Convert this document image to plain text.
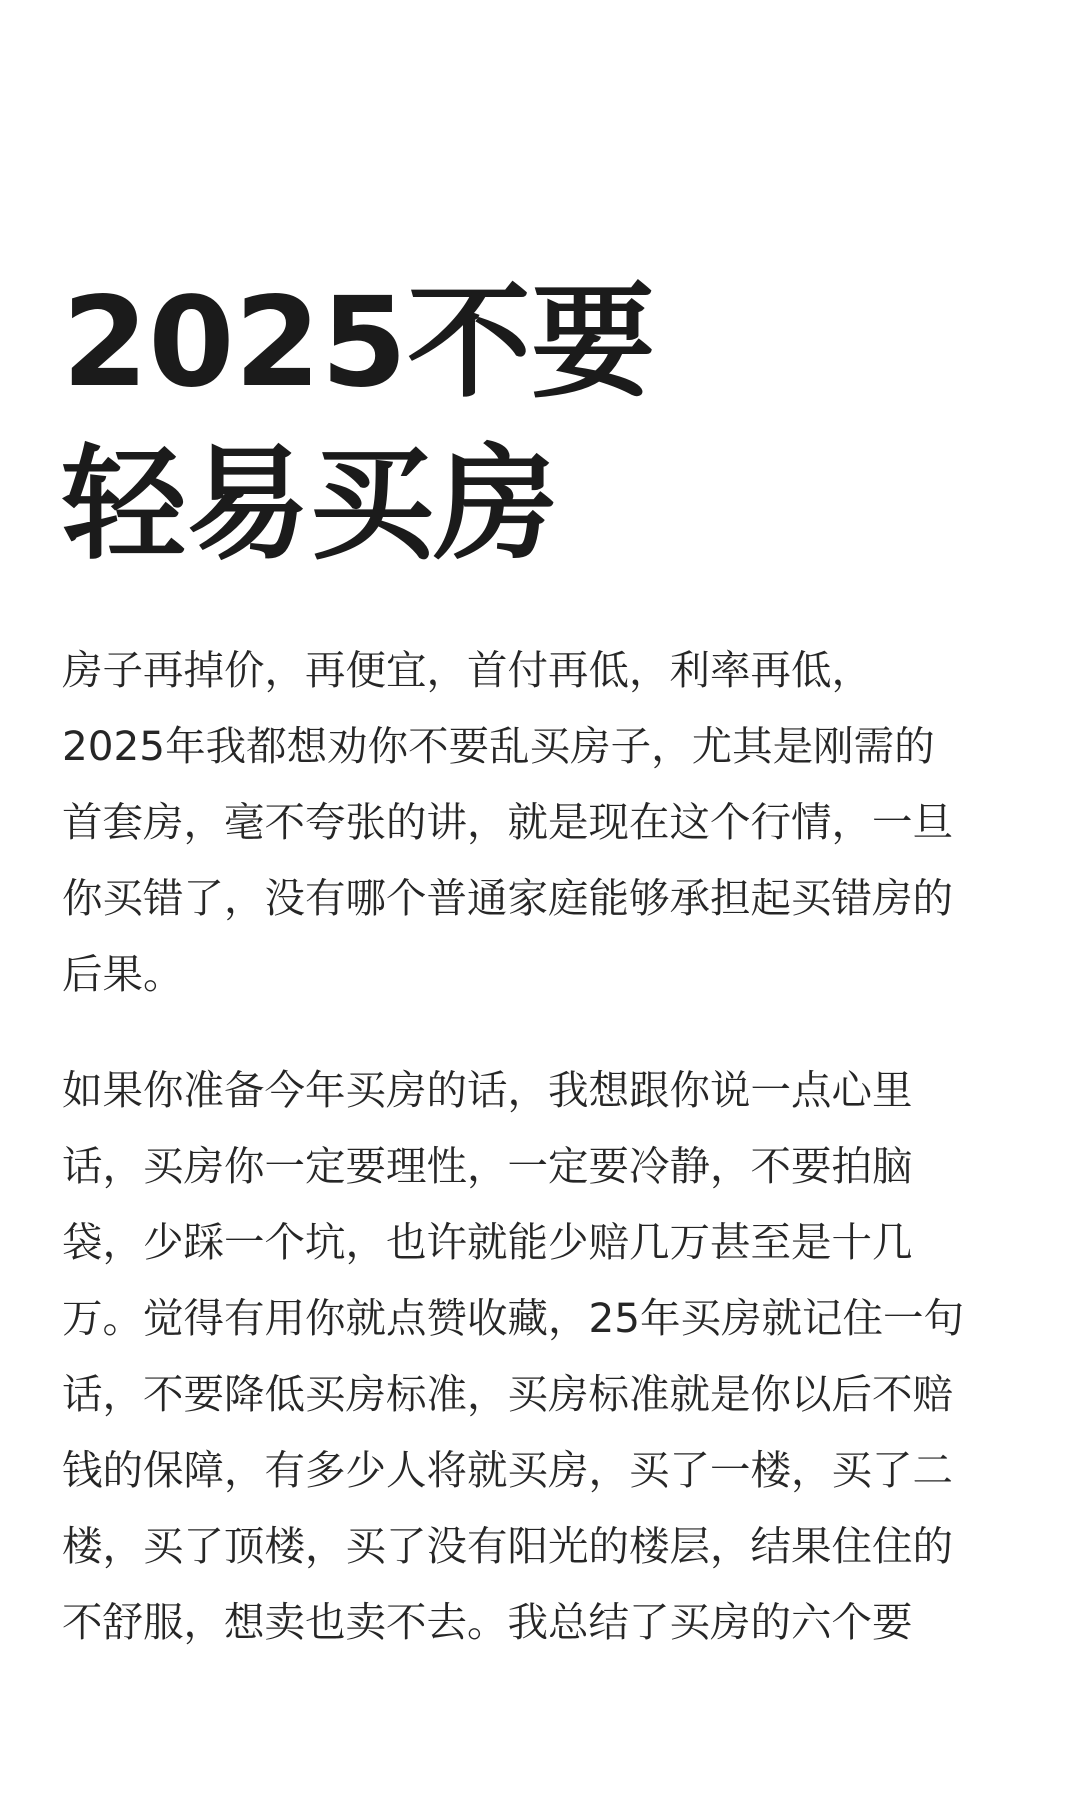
2025不要
轻易买房
房子再掉价，再便宜，首付再低，利率再低，
2025年我都想劝你不要乱买房子，尤其是刚需的
首套房，毫不夸张的讲，就是现在这个行情，一旦
你买错了，没有哪个普通家庭能够承担起买错房的
后果。
如果你准备今年买房的话，我想跟你说一点心里
话，买房你一定要理性，一定要冷静，不要拍脑
袋，少踩一个坑，也许就能少赔几万甚至是十几
万。觉得有用你就点赞收藏，25年买房就记住一句
话，不要降低买房标准，买房标准就是你以后不赔
钱的保障，有多少人将就买房，买了一楼，买了二
楼，买了顶楼，买了没有阳光的楼层，结果住住的
不舒服，想卖也卖不去。我总结了买房的六个要
